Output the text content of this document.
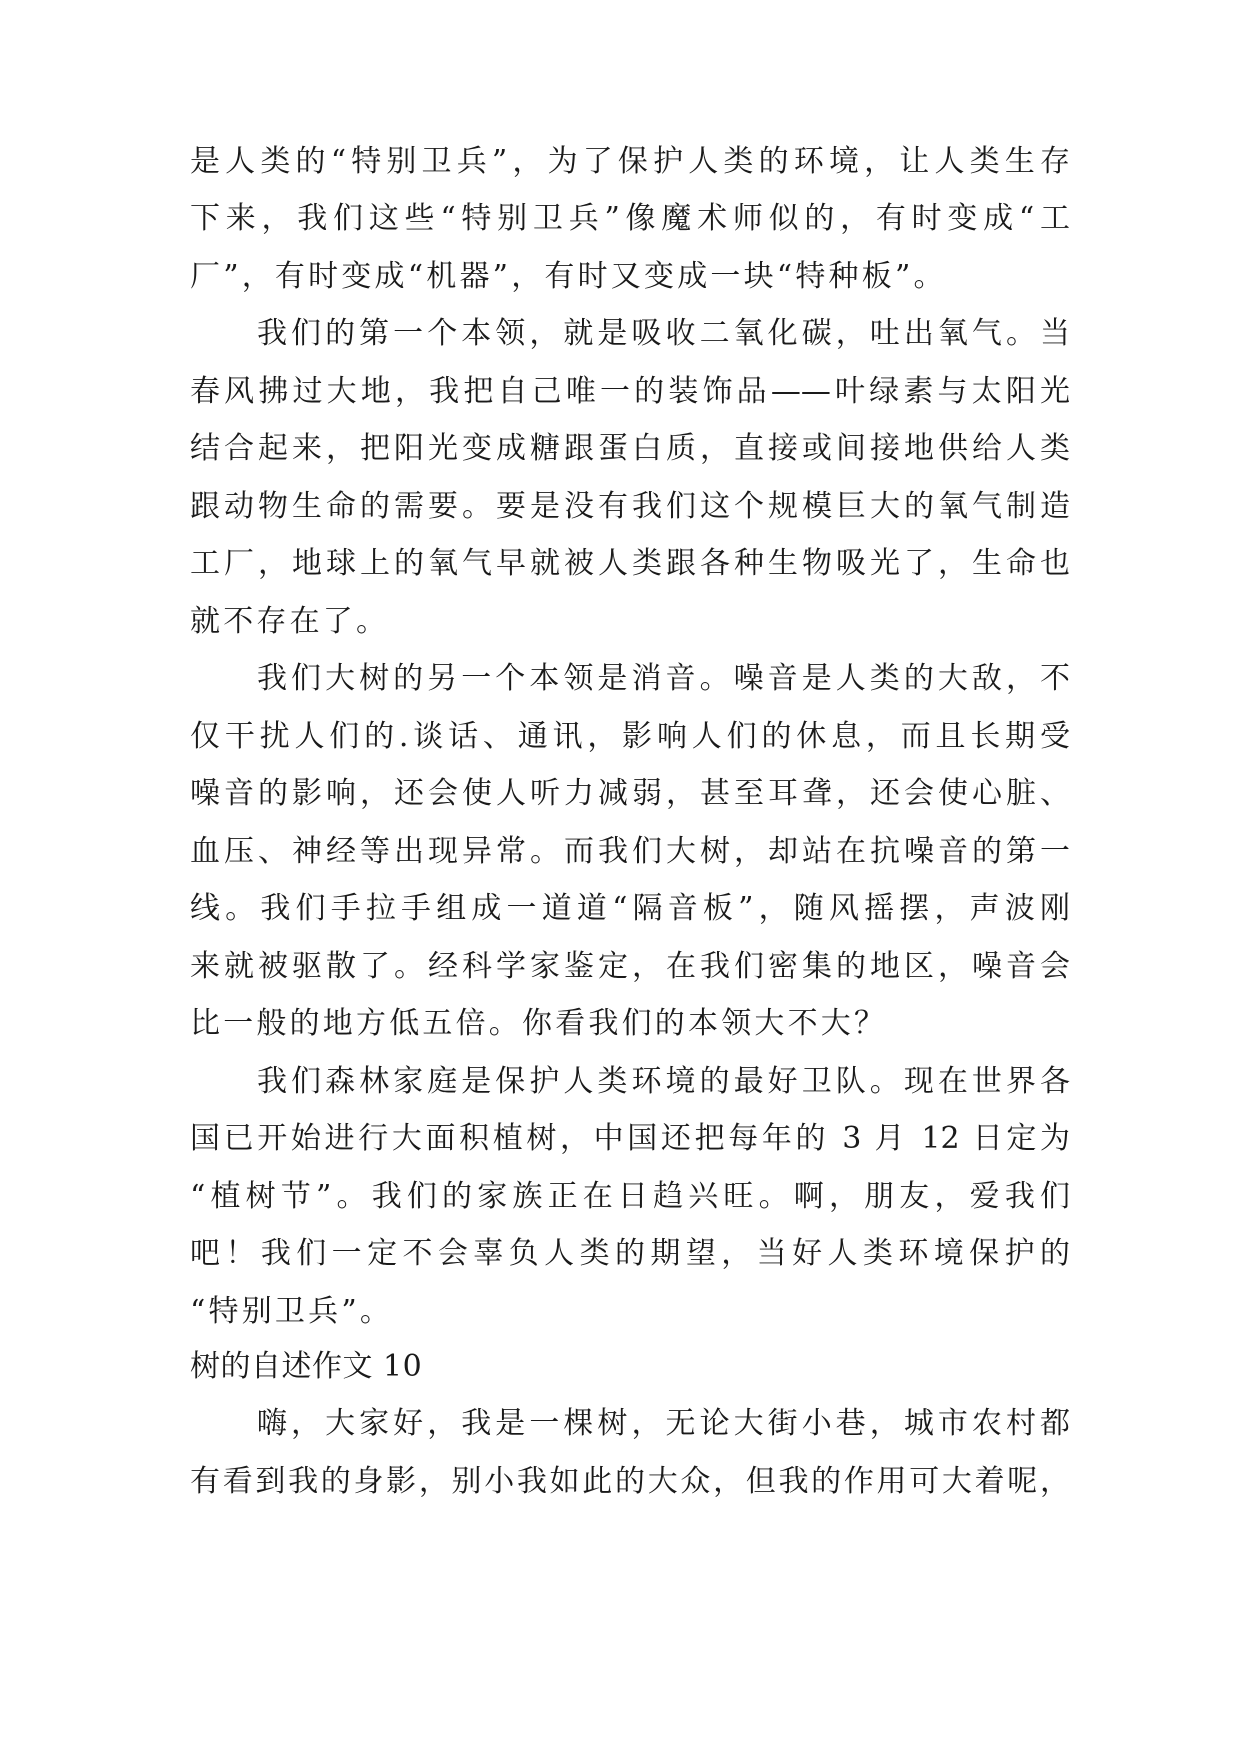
是人类的“特别卫兵”，为了保护人类的环境，让人类生存
下来，我们这些“特别卫兵”像魔术师似的，有时变成“工
厂”，有时变成“机器”，有时又变成一块“特种板”。
我们的第一个本领，就是吸收二氧化碳，吐出氧气。当
春风拂过大地，我把自己唯一的装饰品——叶绿素与太阳光
结合起来，把阳光变成糖跟蛋白质，直接或间接地供给人类
跟动物生命的需要。要是没有我们这个规模巨大的氧气制造
工厂，地球上的氧气早就被人类跟各种生物吸光了，生命也
就不存在了。
我们大树的另一个本领是消音。噪音是人类的大敌，不
仅干扰人们的.谈话、通讯，影响人们的休息，而且长期受
噪音的影响，还会使人听力减弱，甚至耳聋，还会使心脏、
血压、神经等出现异常。而我们大树，却站在抗噪音的第一
线。我们手拉手组成一道道“隔音板”，随风摇摆，声波刚
来就被驱散了。经科学家鉴定，在我们密集的地区，噪音会
比一般的地方低五倍。你看我们的本领大不大？
我们森林家庭是保护人类环境的最好卫队。现在世界各
国已开始进行大面积植树，中国还把每年的 3 月 12 日定为
“植树节”。我们的家族正在日趋兴旺。啊，朋友，爱我们
吧！我们一定不会辜负人类的期望，当好人类环境保护的
“特别卫兵”。
树的自述作文 10
嗨，大家好，我是一棵树，无论大街小巷，城市农村都
有看到我的身影，别小我如此的大众，但我的作用可大着呢，
